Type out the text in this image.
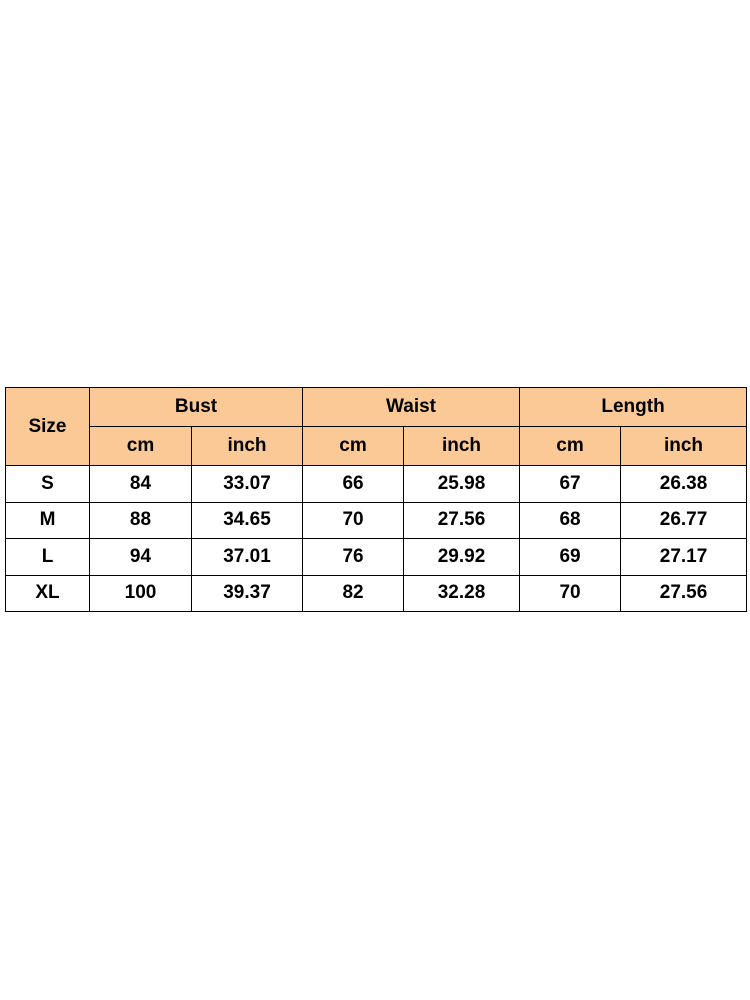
Size	Bust		Waist		Length	
	cm	inch	cm	inch	cm	inch
S	84	33.07	66	25.98	67	26.38
M	88	34.65	70	27.56	68	26.77
L	94	37.01	76	29.92	69	27.17
XL	100	39.37	82	32.28	70	27.56
